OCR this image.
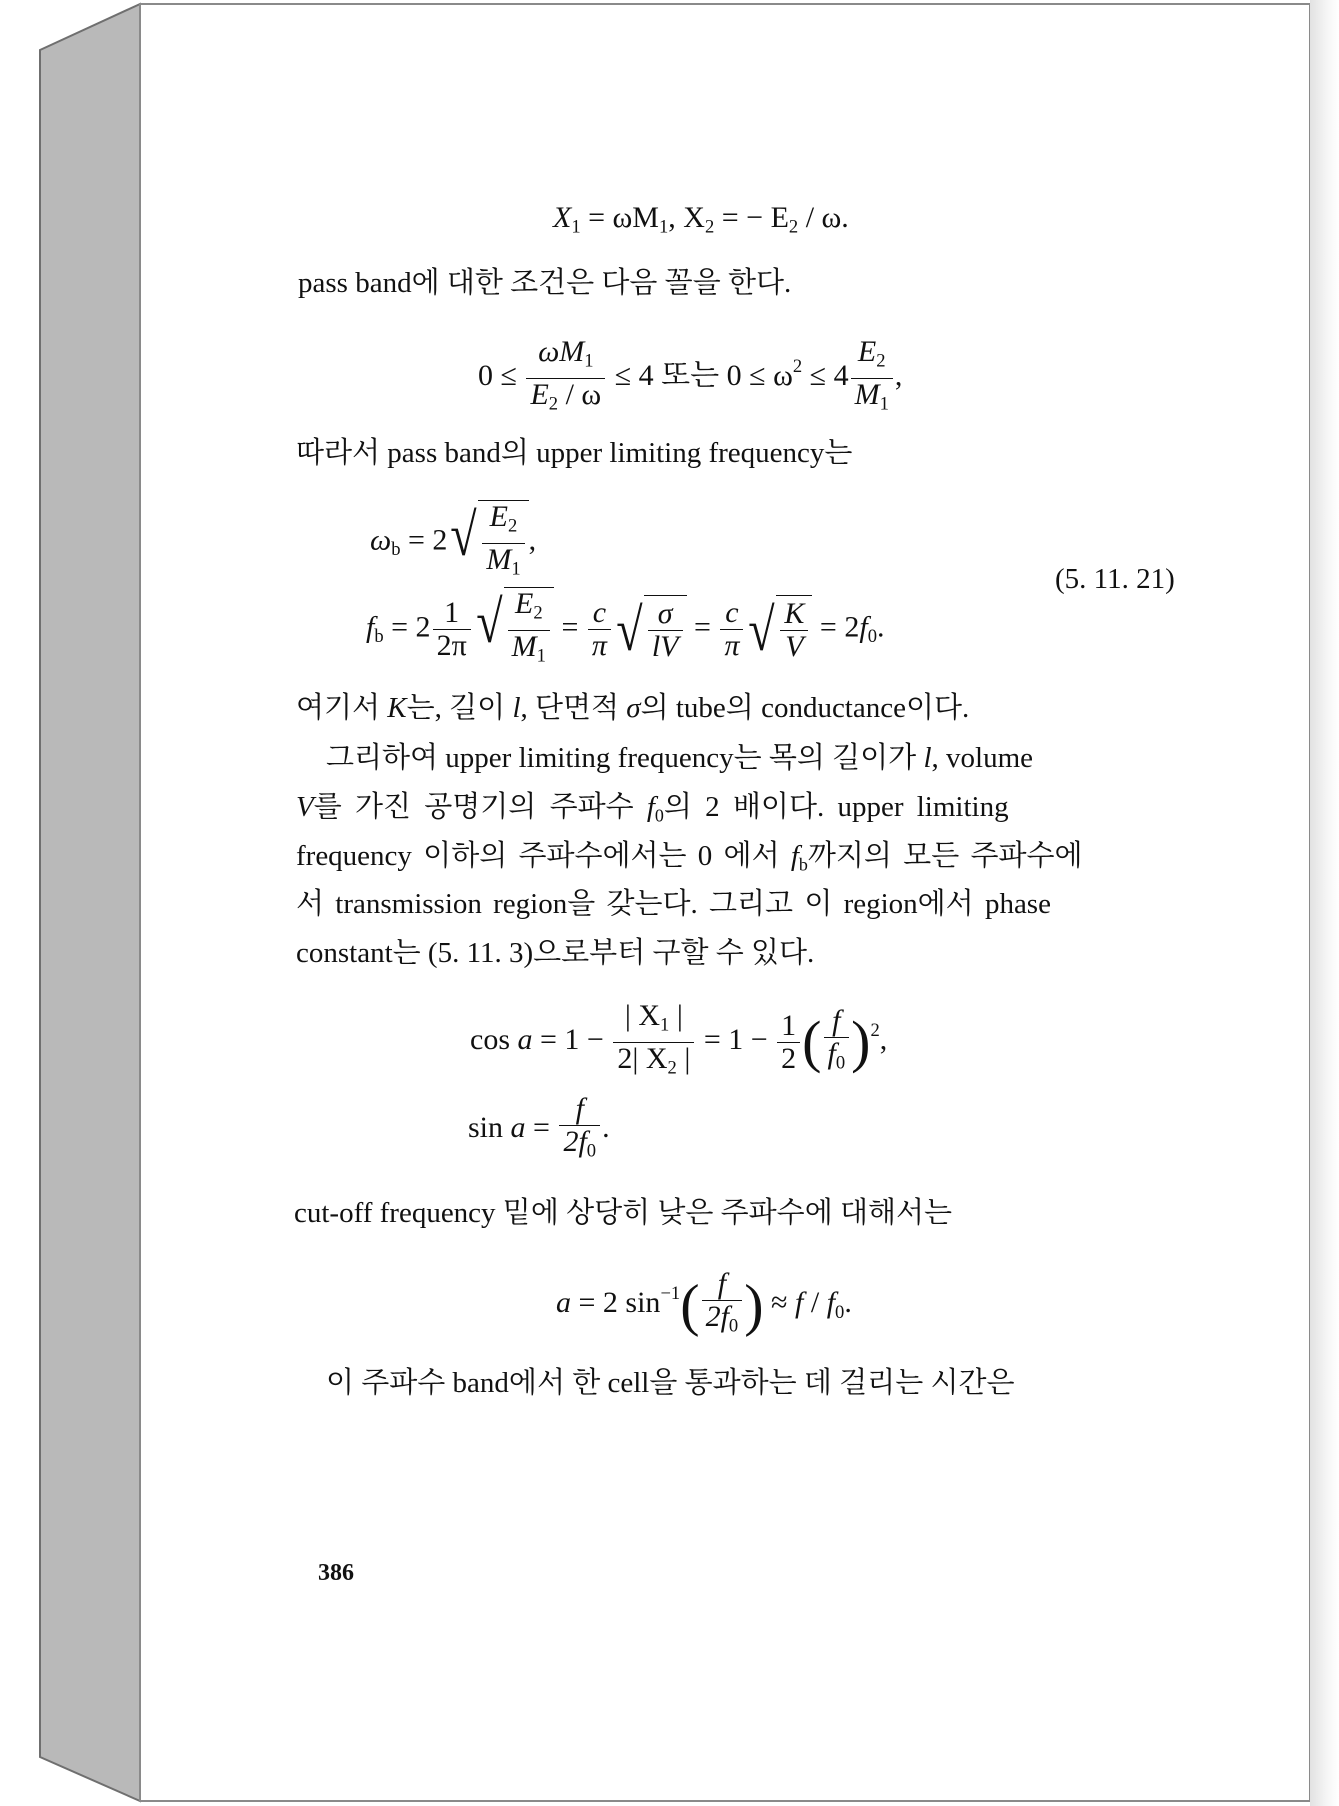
$X_1 = \omega M_1$, $X_2$ = − $E_2$ / ω.
pass band에 대한 조건은 다음 꼴을 한다.
$0 \le \frac{\omega M_1}{E_2 / \omega} \le 4$ 또는 $0 \le \omega^2 \le 4 \frac{E_2}{M_1}$ ,
따라서 pass band의 upper limiting frequency는
$\omega_b = 2$ √ $\frac{E_2}{M_1}$ ,
(5. 11. 21)
$f_b = 2 \frac{1}{2\pi}$ √ $\frac{E_2}{M_1} = \frac{c}{\pi}$ √ $\frac{\sigma}{lV} = \frac{c}{\pi}$ √ $\frac{K}{V} = 2f_0$.
여기서 K는, 길이 l, 단면적 σ의 tube의 conductance이다.
그리하여 upper limiting frequency는 목의 길이가 l, volume
V를 가진 공명기의 주파수 $f_0$의 2 배이다. upper limiting
frequency 이하의 주파수에서는 0 에서 $f_b$까지의 모든 주파수에
서 transmission region을 갖는다. 그리고 이 region에서 phase
constant는 (5. 11. 3)으로부터 구할 수 있다.
$\cos a = 1 - \frac{| X_1 |}{2| X_2 |} = 1 - \frac{1}{2}$ ( $\frac{f}{f_0} )^2$,
$\sin a = \frac{f}{2f_0}$ .
cut-off frequency 밑에 상당히 낮은 주파수에 대해서는
a = 2 $\sin^{-1}( \frac{f}{2f_0}$ ) ≈ f / $f_0$.
이 주파수 band에서 한 cell을 통과하는 데 걸리는 시간은
386
